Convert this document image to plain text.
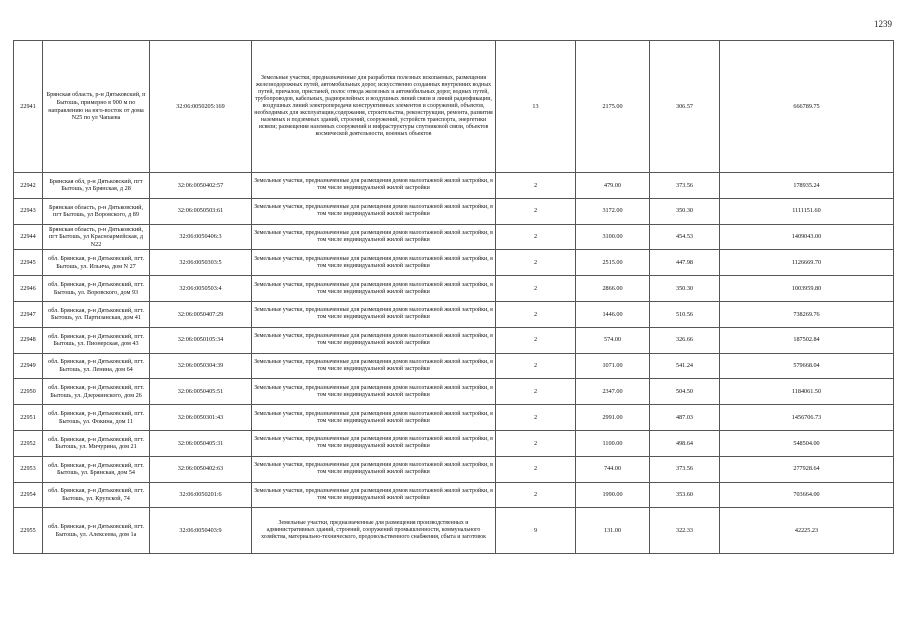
1239
22941	Брянская область, р-н Дятьковский, п Бытошь, примерно в 900 м по направлению на юго-восток от дома N25 по ул Чапаева	32:06:0050205:169	Земельные участки, предназначенные для разработки полезных ископаемых, размещения железнодорожных путей, автомобильных дорог, искусственно созданных внутренних водных путей, причалов, пристаней, полос отвода железных и автомобильных дорог, водных путей, трубопроводов, кабельных, радиорелейных и воздушных линий связи и линий радиофикации, воздушных линий электропередачи конструктивных элементов и сооружений, объектов, необходимых для эксплуатации,содержания, строительства, реконструкции, ремонта, развития наземных и подземных зданий, строений, сооружений, устройств транспорта, энергетики исвязи; размещения наземных сооружений и инфраструктуры спутниковой связи, объектов космической деятельности, военных объектов	13	2175.00	306.57	666789.75
22942	Брянская обл, р-н Дятьковский, пгт Бытошь, ул Брянская, д 28	32:06:0050402:57	Земельные участки, предназначенные для размещения домов малоэтажной жилой застройки, в том числе индивидуальной жилой застройки	2	479.00	373.56	178935.24
22943	Брянская область, р-н Дятьковский, пгт Бытошь, ул Воровского, д 89	32:06:0050503:61	Земельные участки, предназначенные для размещения домов малоэтажной жилой застройки, в том числе индивидуальной жилой застройки	2	3172.00	350.30	1111151.60
22944	Брянская область, р-н Дятьковский, пгт Бытошь, ул Красноармейская, д N22	32:06:0050406:3	Земельные участки, предназначенные для размещения домов малоэтажной жилой застройки, в том числе индивидуальной жилой застройки	2	3100.00	454.53	1409043.00
22945	обл. Брянская, р-н Дятьковский, пгт. Бытошь, ул. Ильича, дом N 27	32:06:0050303:5	Земельные участки, предназначенные для размещения домов малоэтажной жилой застройки, в том числе индивидуальной жилой застройки	2	2515.00	447.98	1126669.70
22946	обл. Брянская, р-н Дятьковский, пгт. Бытошь, ул. Воровского, дом 93	32:06:0050503:4	Земельные участки, предназначенные для размещения домов малоэтажной жилой застройки, в том числе индивидуальной жилой застройки	2	2866.00	350.30	1003959.80
22947	обл. Брянская, р-н Дятьковский, пгт. Бытошь, ул. Партизанская, дом 41	32:06:0050407:29	Земельные участки, предназначенные для размещения домов малоэтажной жилой застройки, в том числе индивидуальной жилой застройки	2	1446.00	510.56	738269.76
22948	обл. Брянская, р-н Дятьковский, пгт. Бытошь, ул. Пионерская, дом 43	32:06:0050105:34	Земельные участки, предназначенные для размещения домов малоэтажной жилой застройки, в том числе индивидуальной жилой застройки	2	574.00	326.66	187502.84
22949	обл. Брянская, р-н Дятьковский, пгт. Бытошь, ул. Ленина, дом 64	32:06:0050304:39	Земельные участки, предназначенные для размещения домов малоэтажной жилой застройки, в том числе индивидуальной жилой застройки	2	1071.00	541.24	579668.04
22950	обл. Брянская, р-н Дятьковский, пгт. Бытошь, ул. Дзержинского, дом 26	32:06:0050405:51	Земельные участки, предназначенные для размещения домов малоэтажной жилой застройки, в том числе индивидуальной жилой застройки	2	2347.00	504.50	1184061.50
22951	обл. Брянская, р-н Дятьковский, пгт. Бытошь, ул. Фокина, дом 11	32:06:0050301:43	Земельные участки, предназначенные для размещения домов малоэтажной жилой застройки, в том числе индивидуальной жилой застройки	2	2991.00	487.03	1456706.73
22952	обл. Брянская, р-н Дятьковский, пгт. Бытошь, ул. Мичурина, дом 21	32:06:0050405:31	Земельные участки, предназначенные для размещения домов малоэтажной жилой застройки, в том числе индивидуальной жилой застройки	2	1100.00	498.64	548504.00
22953	обл. Брянская, р-н Дятьковский, пгт. Бытошь, ул. Брянская, дом 54	32:06:0050402:63	Земельные участки, предназначенные для размещения домов малоэтажной жилой застройки, в том числе индивидуальной жилой застройки	2	744.00	373.56	277928.64
22954	обл. Брянская, р-н Дятьковский, пгт. Бытошь, ул. Крупской, 74	32:06:0050201:6	Земельные участки, предназначенные для размещения домов малоэтажной жилой застройки, в том числе индивидуальной жилой застройки	2	1990.00	353.60	703664.00
22955	обл. Брянская, р-н Дятьковский, пгт. Бытошь, ул. Алексеева, дом 1а	32:06:0050403:9	Земельные участки, предназначенные для размещения производственных и административных зданий, строений, сооружений промышленности, коммунального хозяйства, материально-технического, продовольственного снабжения, сбыта и заготовок	9	131.00	322.33	42225.23
